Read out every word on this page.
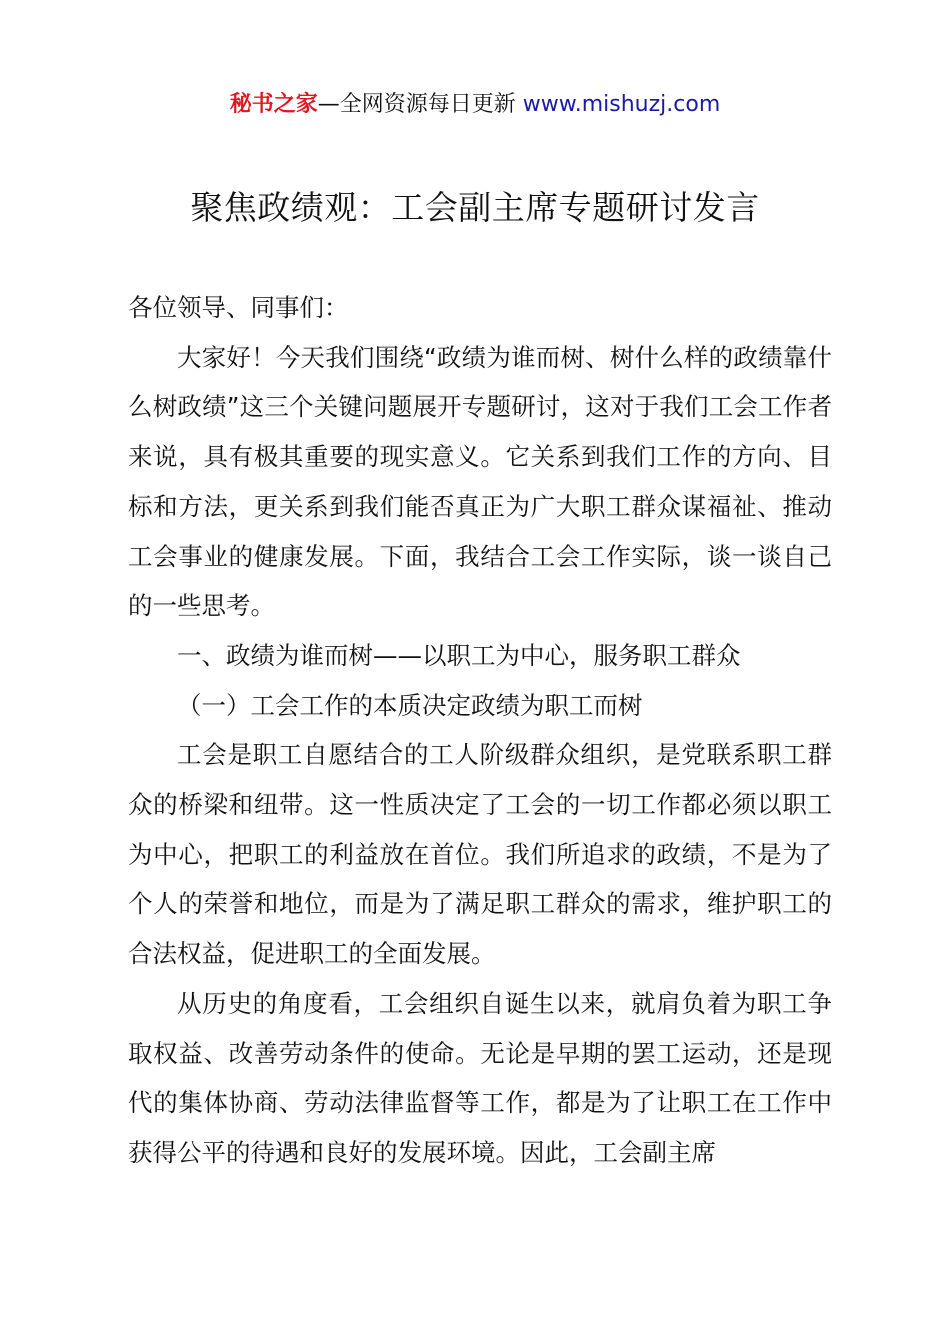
秘书之家—全网资源每日更新 www.mishuzj.com
聚焦政绩观：工会副主席专题研讨发言

各位领导、同事们：

大家好！今天我们围绕“政绩为谁而树、树什么样的政绩靠什么树政绩”这三个关键问题展开专题研讨，这对于我们工会工作者来说，具有极其重要的现实意义。它关系到我们工作的方向、目标和方法，更关系到我们能否真正为广大职工群众谋福祉、推动工会事业的健康发展。下面，我结合工会工作实际，谈一谈自己的一些思考。

一、政绩为谁而树——以职工为中心，服务职工群众

（一）工会工作的本质决定政绩为职工而树

工会是职工自愿结合的工人阶级群众组织，是党联系职工群众的桥梁和纽带。这一性质决定了工会的一切工作都必须以职工为中心，把职工的利益放在首位。我们所追求的政绩，不是为了个人的荣誉和地位，而是为了满足职工群众的需求，维护职工的合法权益，促进职工的全面发展。

从历史的角度看，工会组织自诞生以来，就肩负着为职工争取权益、改善劳动条件的使命。无论是早期的罢工运动，还是现代的集体协商、劳动法律监督等工作，都是为了让职工在工作中获得公平的待遇和良好的发展环境。因此，工会副主席
